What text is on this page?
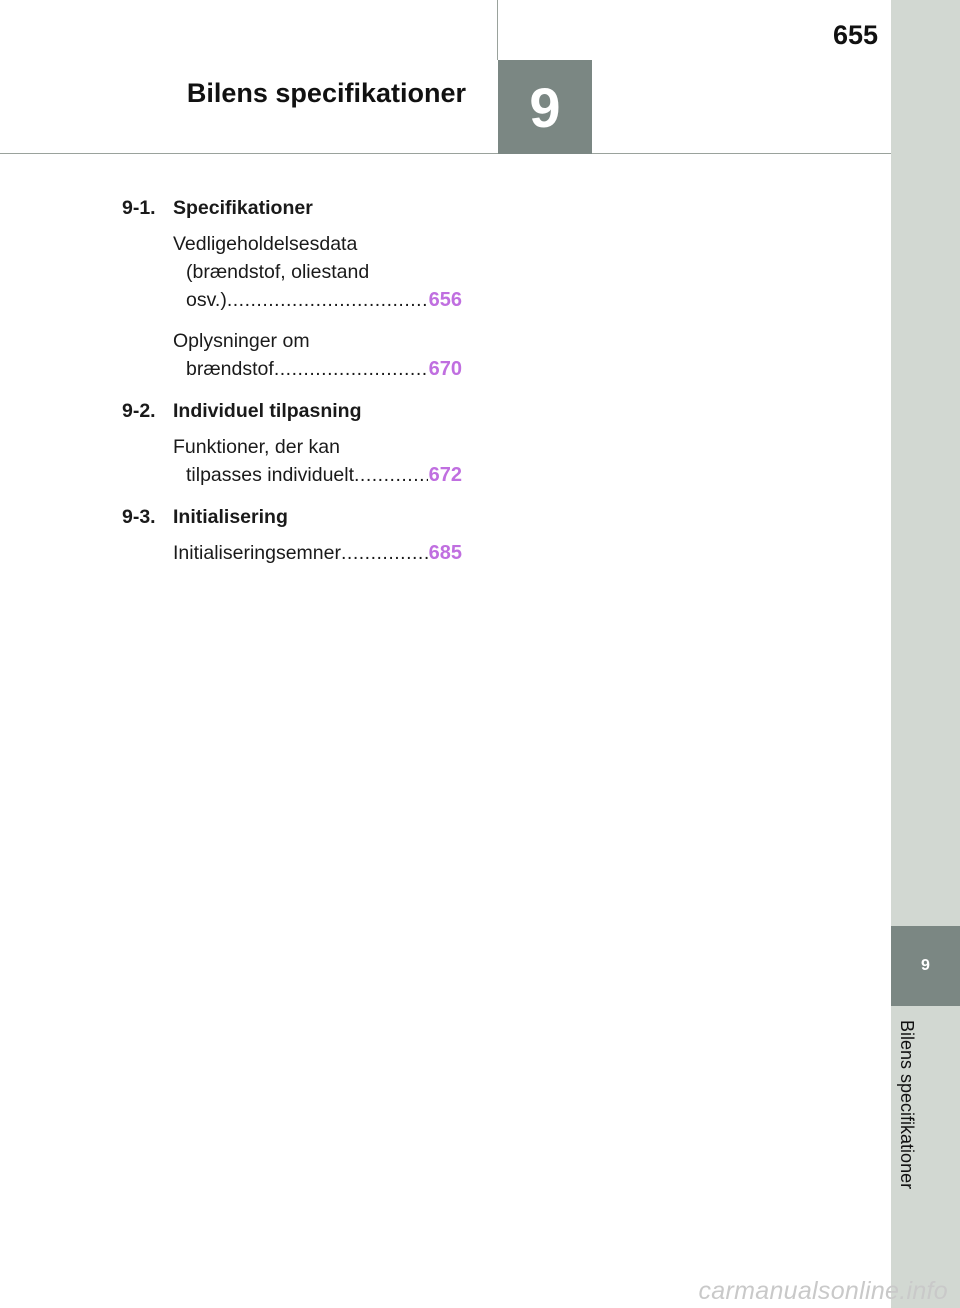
655
Bilens specifikationer	9
9
Bilens specifikationer
9-1. Specifikationer
Vedligeholdelsesdata
(brændstof, oliestand
osv.) .....	656
Oplysninger om
brændstof .....	670
9-2. Individuel tilpasning
Funktioner, der kan
tilpasses individuelt .....	672
9-3. Initialisering
Initialiseringsemner .....	685
carmanualsonline.info
